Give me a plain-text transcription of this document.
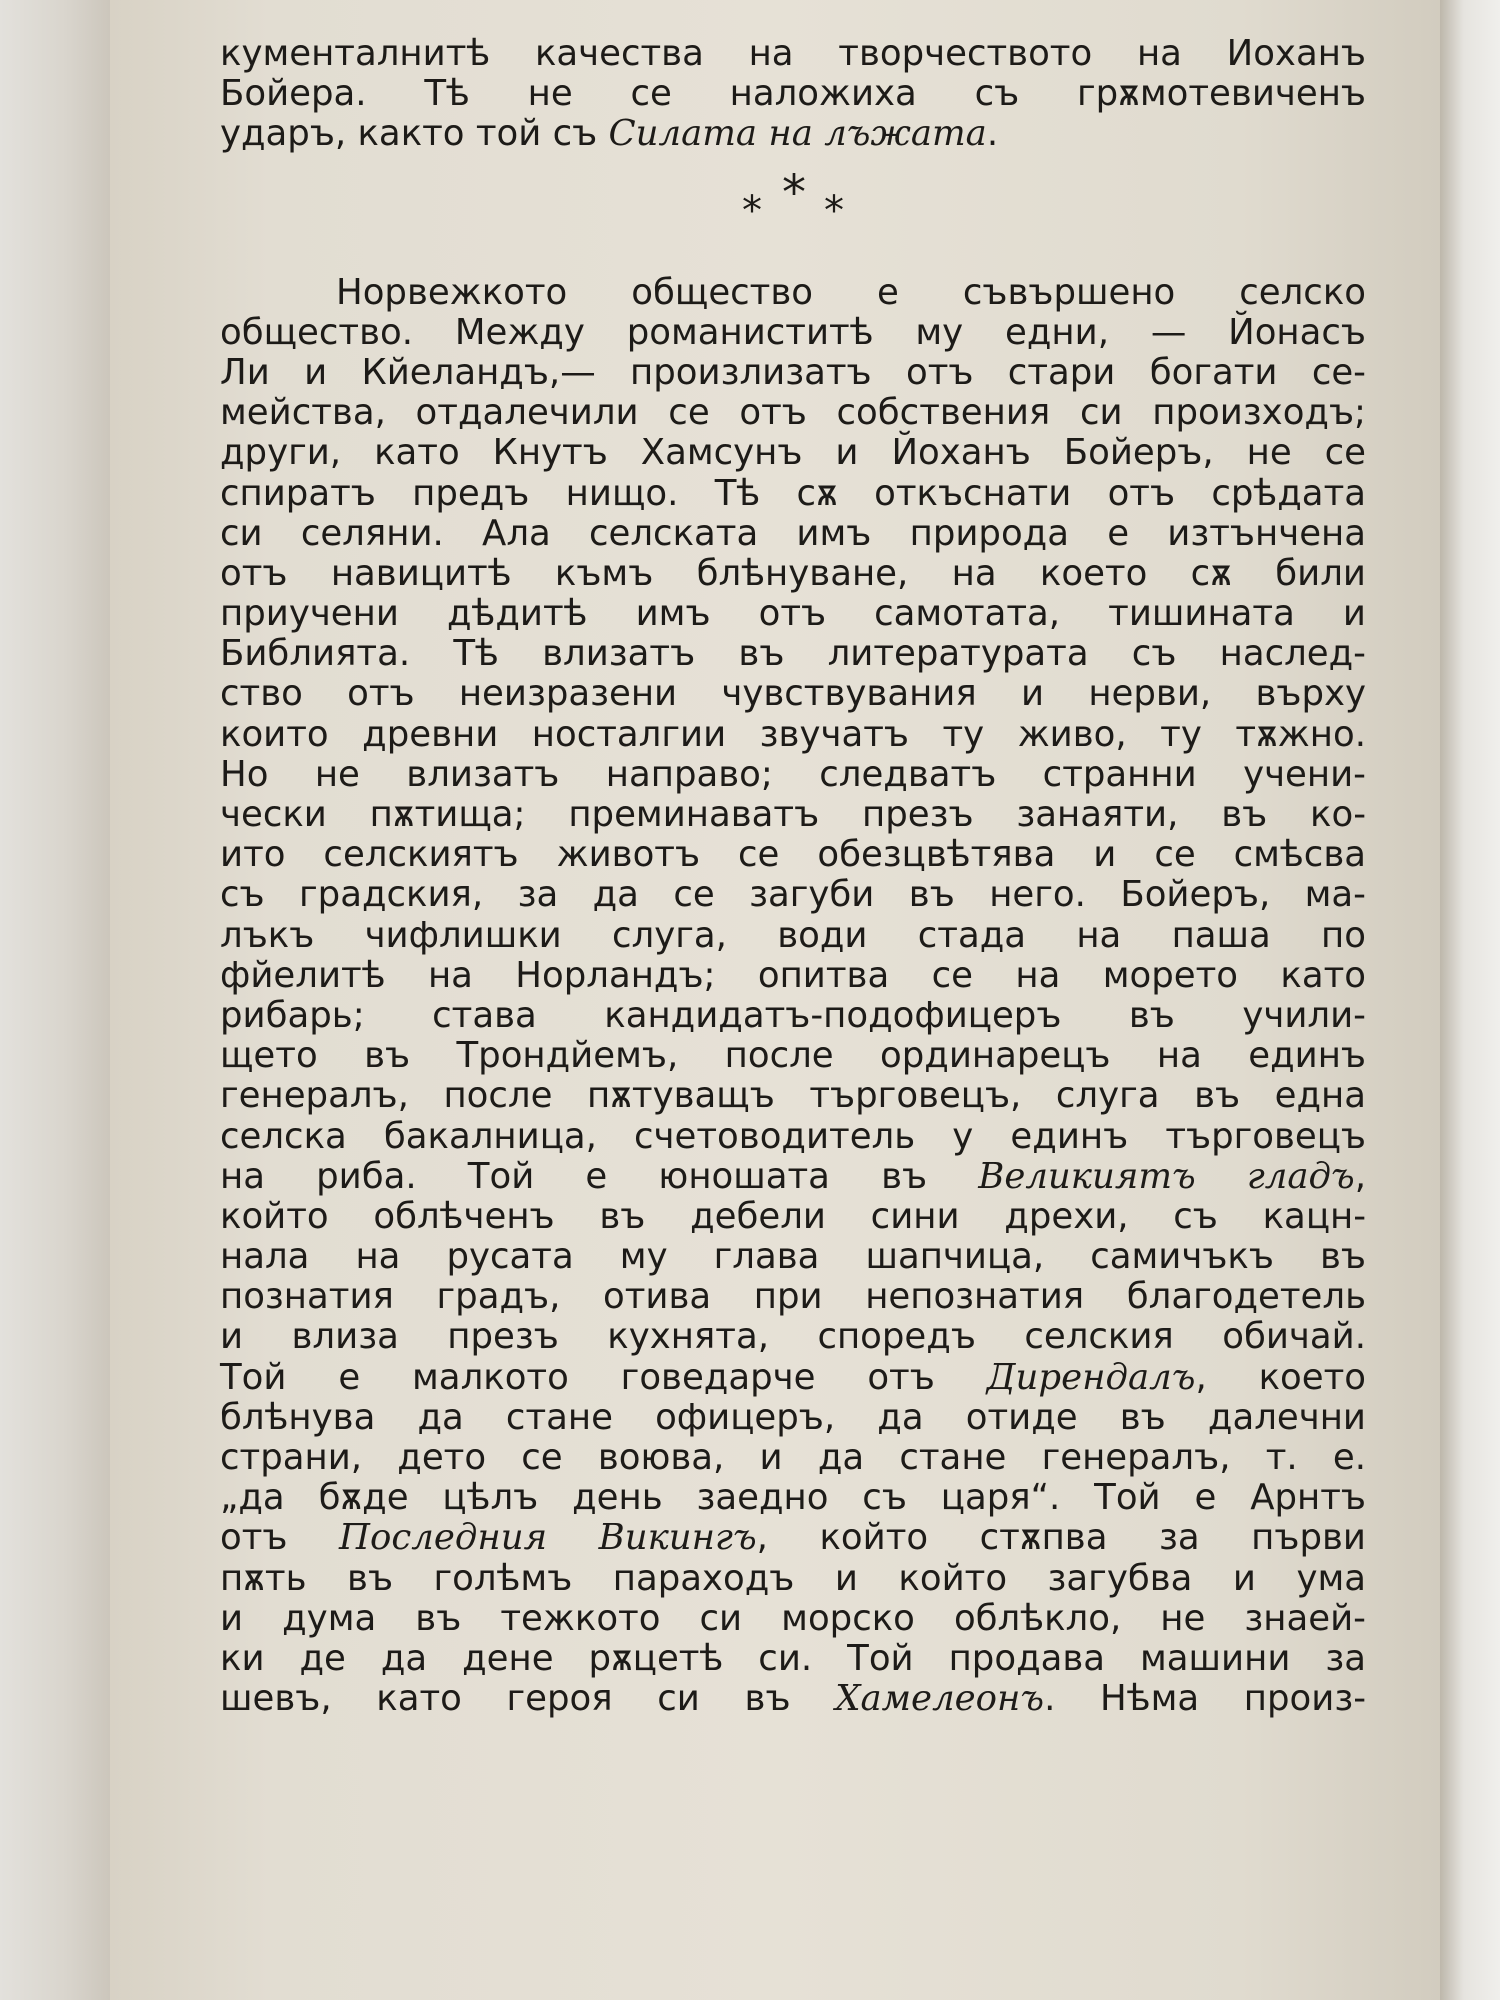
кументалнитѣ качества на творчеството на Иоханъ
Бойера. Тѣ не се наложиха съ грѫмотевиченъ
ударъ, както той съ Силата на лъжата.
* * *
Норвежкото общество е съвършено селско
общество. Между романиститѣ му едни, — Йонасъ
Ли и Кйеландъ,— произлизатъ отъ стари богати се-
мейства, отдалечили се отъ собствения си произходъ;
други, като Кнутъ Хамсунъ и Йоханъ Бойеръ, не се
спиратъ предъ нищо. Тѣ сѫ откъснати отъ срѣдата
си селяни. Ала селската имъ природа е изтънчена
отъ навицитѣ къмъ блѣнуване, на което сѫ били
приучени дѣдитѣ имъ отъ самотата, тишината и
Библията. Тѣ влизатъ въ литературата съ наслед-
ство отъ неизразени чувствувания и нерви, върху
които древни носталгии звучатъ ту живо, ту тѫжно.
Но не влизатъ направо; следватъ странни учени-
чески пѫтища; преминаватъ презъ занаяти, въ ко-
ито селскиятъ животъ се обезцвѣтява и се смѣсва
съ градския, за да се загуби въ него. Бойеръ, ма-
лъкъ чифлишки слуга, води стада на паша по
фйелитѣ на Норландъ; опитва се на морето като
рибарь; става кандидатъ-подофицеръ въ учили-
щето въ Трондйемъ, после ординарецъ на единъ
генералъ, после пѫтуващъ търговецъ, слуга въ една
селска бакалница, счетоводитель у единъ търговецъ
на риба. Той е юношата въ Великиятъ гладъ,
който облѣченъ въ дебели сини дрехи, съ кацн-
нала на русата му глава шапчица, самичъкъ въ
познатия градъ, отива при непознатия благодетель
и влиза презъ кухнята, споредъ селския обичай.
Той е малкото говедарче отъ Дирендалъ, което
блѣнува да стане офицеръ, да отиде въ далечни
страни, дето се воюва, и да стане генералъ, т. е.
„да бѫде цѣлъ день заедно съ царя“. Той е Арнтъ
отъ Последния Викингъ, който стѫпва за първи
пѫть въ голѣмъ параходъ и който загубва и ума
и дума въ тежкото си морско облѣкло, не знаей-
ки де да дене рѫцетѣ си. Той продава машини за
шевъ, като героя си въ Хамелеонъ. Нѣма произ-
